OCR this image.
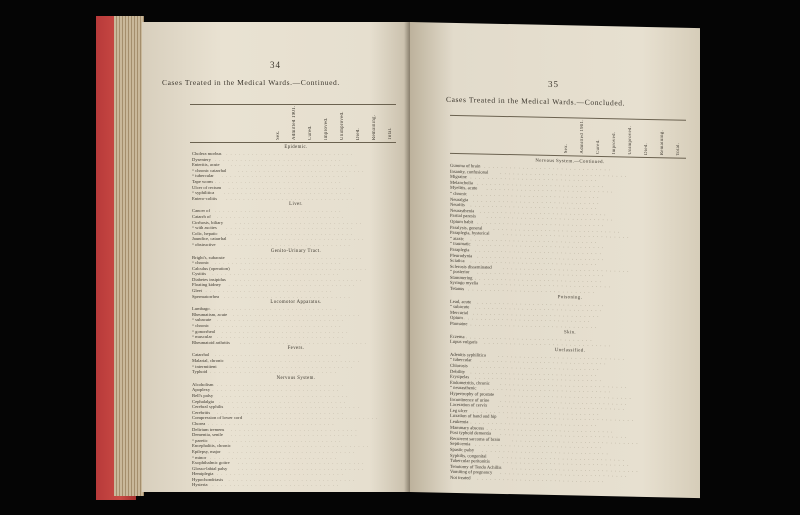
34
Cases Treated in the Medical Wards.—Continued.
Sex. Admitted 1901. Cured. Improved. Unimproved. Died. Remaining. Total.
Epidemic.
Cholera morbus . . . . . . . . . . . . . . . . . . . . . . . . . . . . . .
Dysentery . . . . . . . . . . . . . . . . . . . . . . . . . . . . . .
Enteritis, acute . . . . . . . . . . . . . . . . . . . . . . . . . . . . . .
“ chronic catarrhal	. . . . . . . . . . . . . . . . . . . . . . . . . . . . . .
“ tubercular . . . . . . . . . . . . . . . . . . . . . . . . . . . . . .
Tape worm . . . . . . . . . . . . . . . . . . . . . . . . . . . . . .
Ulcer of rectum . . . . . . . . . . . . . . . . . . . . . . . . . . . . . .
“ syphilitica . . . . . . . . . . . . . . . . . . . . . . . . . . . . . .
Entero-colitis . . . . . . . . . . . . . . . . . . . . . . . . . . . . . .
Liver.
Cancer of . . . . . . . . . . . . . . . . . . . . . . . . . . . . . .
Catarrh of . . . . . . . . . . . . . . . . . . . . . . . . . . . . . .
Cirrhosis, biliary	. . . . . . . . . . . . . . . . . . . . . . . . . . . . . .
“ with ascites . . . . . . . . . . . . . . . . . . . . . . . . . . . . . .
Colic, hepatic . . . . . . . . . . . . . . . . . . . . . . . . . . . . . .
Jaundice, catarrhal . . . . . . . . . . . . . . . . . . . . . . . . . . . . . .
“ obstructive . . . . . . . . . . . . . . . . . . . . . . . . . . . . . .
Genito-Urinary Tract.
Bright's, subacute . . . . . . . . . . . . . . . . . . . . . . . . . . . . . .
“ chronic . . . . . . . . . . . . . . . . . . . . . . . . . . . . . .
Calculus (operation) . . . . . . . . . . . . . . . . . . . . . . . . . . . . . .
Cystitis . . . . . . . . . . . . . . . . . . . . . . . . . . . . . .
Diabetes insipidus . . . . . . . . . . . . . . . . . . . . . . . . . . . . . .
Floating kidney . . . . . . . . . . . . . . . . . . . . . . . . . . . . . .
Gleet . . . . . . . . . . . . . . . . . . . . . . . . . . . . . .
Spermatorrhea . . . . . . . . . . . . . . . . . . . . . . . . . . . . . .
Locomotor Apparatus.
Lumbago . . . . . . . . . . . . . . . . . . . . . . . . . . . . . .
Rheumatism, acute . . . . . . . . . . . . . . . . . . . . . . . . . . . . . .
“ subacute . . . . . . . . . . . . . . . . . . . . . . . . . . . . . .
“ chronic . . . . . . . . . . . . . . . . . . . . . . . . . . . . . .
“ gonorrheal . . . . . . . . . . . . . . . . . . . . . . . . . . . . . .
“ muscular . . . . . . . . . . . . . . . . . . . . . . . . . . . . . .
Rheumatoid arthritis . . . . . . . . . . . . . . . . . . . . . . . . . . . . . .
Fevers.
Catarrhal . . . . . . . . . . . . . . . . . . . . . . . . . . . . . .
Malarial, chronic . . . . . . . . . . . . . . . . . . . . . . . . . . . . . .
“ intermittent . . . . . . . . . . . . . . . . . . . . . . . . . . . . . .
Typhoid . . . . . . . . . . . . . . . . . . . . . . . . . . . . . .
Nervous System.
Alcoholism . . . . . . . . . . . . . . . . . . . . . . . . . . . . . .
Apoplexy . . . . . . . . . . . . . . . . . . . . . . . . . . . . . .
Bell's palsy . . . . . . . . . . . . . . . . . . . . . . . . . . . . . .
Cephalalgia . . . . . . . . . . . . . . . . . . . . . . . . . . . . . .
Cerebral syphilis . . . . . . . . . . . . . . . . . . . . . . . . . . . . . .
Cerebritis . . . . . . . . . . . . . . . . . . . . . . . . . . . . . .
Compression of lower cord . . . . . . . . . . . . . . . . . . . . . . . . . . . . . .
Chorea . . . . . . . . . . . . . . . . . . . . . . . . . . . . . .
Delirium tremens . . . . . . . . . . . . . . . . . . . . . . . . . . . . . .
Dementia, senile . . . . . . . . . . . . . . . . . . . . . . . . . . . . . .
“ paretic . . . . . . . . . . . . . . . . . . . . . . . . . . . . . .
Encephalitis, chronic	. . . . . . . . . . . . . . . . . . . . . . . . . . . . . .
Epilepsy, major . . . . . . . . . . . . . . . . . . . . . . . . . . . . . .
“ minor . . . . . . . . . . . . . . . . . . . . . . . . . . . . . .
Exophthalmic goitre . . . . . . . . . . . . . . . . . . . . . . . . . . . . . .
Glosso-labial palsy . . . . . . . . . . . . . . . . . . . . . . . . . . . . . .
Hemiplegia . . . . . . . . . . . . . . . . . . . . . . . . . . . . . .
Hypochondriasis . . . . . . . . . . . . . . . . . . . . . . . . . . . . . .
Hysteria . . . . . . . . . . . . . . . . . . . . . . . . . . . . . .
35
Cases Treated in the Medical Wards.—Concluded.
Sex. Admitted 1901. Cured. Improved. Unimproved. Died. Remaining. Total.
Nervous System.—Continued.
Gumma of brain . . . . . . . . . . . . . . . . . . . . . . . . . . . . . .
Insanity, confusional	. . . . . . . . . . . . . . . . . . . . . . . . . . . . . .
Migraine . . . . . . . . . . . . . . . . . . . . . . . . . . . . . .
Melancholia . . . . . . . . . . . . . . . . . . . . . . . . . . . . . .
Myelitis, acute . . . . . . . . . . . . . . . . . . . . . . . . . . . . . .
“ chronic . . . . . . . . . . . . . . . . . . . . . . . . . . . . . .
Neuralgia . . . . . . . . . . . . . . . . . . . . . . . . . . . . . .
Neuritis . . . . . . . . . . . . . . . . . . . . . . . . . . . . . .
Neurasthenia . . . . . . . . . . . . . . . . . . . . . . . . . . . . . .
Partial paresis . . . . . . . . . . . . . . . . . . . . . . . . . . . . . .
Opium habit . . . . . . . . . . . . . . . . . . . . . . . . . . . . . .
Paralysis, general . . . . . . . . . . . . . . . . . . . . . . . . . . . . . .
Paraplegia, hysterical	. . . . . . . . . . . . . . . . . . . . . . . . . . . . . .
“ ataxic . . . . . . . . . . . . . . . . . . . . . . . . . . . . . .
“ traumatic . . . . . . . . . . . . . . . . . . . . . . . . . . . . . .
Paraplegia . . . . . . . . . . . . . . . . . . . . . . . . . . . . . .
Pleurodynia . . . . . . . . . . . . . . . . . . . . . . . . . . . . . .
Sciatica . . . . . . . . . . . . . . . . . . . . . . . . . . . . . .
Sclerosis disseminated . . . . . . . . . . . . . . . . . . . . . . . . . . . . . .
“ posterior . . . . . . . . . . . . . . . . . . . . . . . . . . . . . .
Stammering . . . . . . . . . . . . . . . . . . . . . . . . . . . . . .
Syringo myelia . . . . . . . . . . . . . . . . . . . . . . . . . . . . . .
Tetanus . . . . . . . . . . . . . . . . . . . . . . . . . . . . . .
Poisoning.
Lead, acute . . . . . . . . . . . . . . . . . . . . . . . . . . . . . .
“ subacute . . . . . . . . . . . . . . . . . . . . . . . . . . . . . .
Mercurial . . . . . . . . . . . . . . . . . . . . . . . . . . . . . .
Opium . . . . . . . . . . . . . . . . . . . . . . . . . . . . . .
Ptomaine . . . . . . . . . . . . . . . . . . . . . . . . . . . . . .
Skin.
Eczema . . . . . . . . . . . . . . . . . . . . . . . . . . . . . .
Lupus vulgaris . . . . . . . . . . . . . . . . . . . . . . . . . . . . . .
Unclassified.
Adenitis syphilitica	. . . . . . . . . . . . . . . . . . . . . . . . . . . . . .
“ tubercular . . . . . . . . . . . . . . . . . . . . . . . . . . . . . .
Chlorosis . . . . . . . . . . . . . . . . . . . . . . . . . . . . . .
Debility . . . . . . . . . . . . . . . . . . . . . . . . . . . . . .
Erysipelas . . . . . . . . . . . . . . . . . . . . . . . . . . . . . .
Endometritis, chronic . . . . . . . . . . . . . . . . . . . . . . . . . . . . . .
“ neurasthenic . . . . . . . . . . . . . . . . . . . . . . . . . . . . . .
Hypertrophy of prostate . . . . . . . . . . . . . . . . . . . . . . . . . . . . . .
Incontinence of urine . . . . . . . . . . . . . . . . . . . . . . . . . . . . . .
Laceration of cervix . . . . . . . . . . . . . . . . . . . . . . . . . . . . . .
Leg ulcer . . . . . . . . . . . . . . . . . . . . . . . . . . . . . .
Luxation of hand and hip . . . . . . . . . . . . . . . . . . . . . . . . . . . . . .
Leukemia . . . . . . . . . . . . . . . . . . . . . . . . . . . . . .
Mammary abscess . . . . . . . . . . . . . . . . . . . . . . . . . . . . . .
Post typhoid dementia . . . . . . . . . . . . . . . . . . . . . . . . . . . . . .
Recurrent sarcoma of brain	. . . . . . . . . . . . . . . . . . . . . . . . . . . . . .
Septicemia . . . . . . . . . . . . . . . . . . . . . . . . . . . . . .
Spastic palsy . . . . . . . . . . . . . . . . . . . . . . . . . . . . . .
Syphilis, congenital	. . . . . . . . . . . . . . . . . . . . . . . . . . . . . .
Tubercular peritonitis	. . . . . . . . . . . . . . . . . . . . . . . . . . . . . .
Tenotomy of Tendo Achillis . . . . . . . . . . . . . . . . . . . . . . . . . . . . . .
Vomiting of pregnancy . . . . . . . . . . . . . . . . . . . . . . . . . . . . . .
Not treated . . . . . . . . . . . . . . . . . . . . . . . . . . . . . .
